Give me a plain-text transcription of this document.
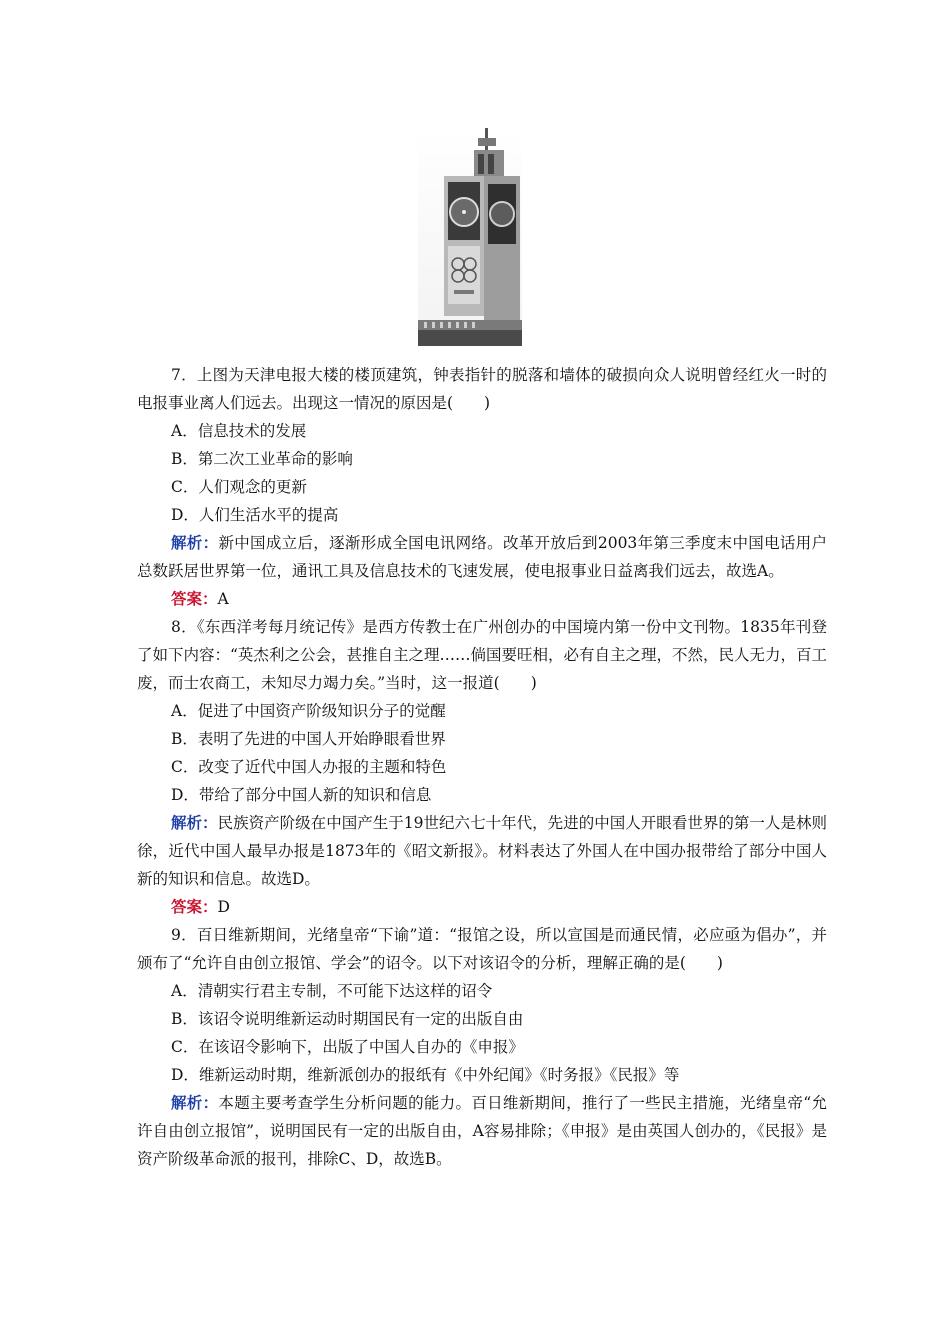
7．上图为天津电报大楼的楼顶建筑，钟表指针的脱落和墙体的破损向众人说明曾经红火一时的电报事业离人们远去。出现这一情况的原因是(　　)

A．信息技术的发展

B．第二次工业革命的影响

C．人们观念的更新

D．人们生活水平的提高

解析：新中国成立后，逐渐形成全国电讯网络。改革开放后到2003年第三季度末中国电话用户总数跃居世界第一位，通讯工具及信息技术的飞速发展，使电报事业日益离我们远去，故选A。

答案：A

8．《东西洋考每月统记传》是西方传教士在广州创办的中国境内第一份中文刊物。1835年刊登了如下内容：“英杰利之公会，甚推自主之理……倘国要旺相，必有自主之理，不然，民人无力，百工废，而士农商工，未知尽力竭力矣。”当时，这一报道(　　)

A．促进了中国资产阶级知识分子的觉醒

B．表明了先进的中国人开始睁眼看世界

C．改变了近代中国人办报的主题和特色

D．带给了部分中国人新的知识和信息

解析：民族资产阶级在中国产生于19世纪六七十年代，先进的中国人开眼看世界的第一人是林则徐，近代中国人最早办报是1873年的《昭文新报》。材料表达了外国人在中国办报带给了部分中国人新的知识和信息。故选D。

答案：D

9．百日维新期间，光绪皇帝“下谕”道：“报馆之设，所以宣国是而通民情，必应亟为倡办”，并颁布了“允许自由创立报馆、学会”的诏令。以下对该诏令的分析，理解正确的是(　　)

A．清朝实行君主专制，不可能下达这样的诏令

B．该诏令说明维新运动时期国民有一定的出版自由

C．在该诏令影响下，出版了中国人自办的《申报》

D．维新运动时期，维新派创办的报纸有《中外纪闻》《时务报》《民报》等

解析：本题主要考查学生分析问题的能力。百日维新期间，推行了一些民主措施，光绪皇帝“允许自由创立报馆”，说明国民有一定的出版自由，A容易排除；《申报》是由英国人创办的，《民报》是资产阶级革命派的报刊，排除C、D，故选B。
